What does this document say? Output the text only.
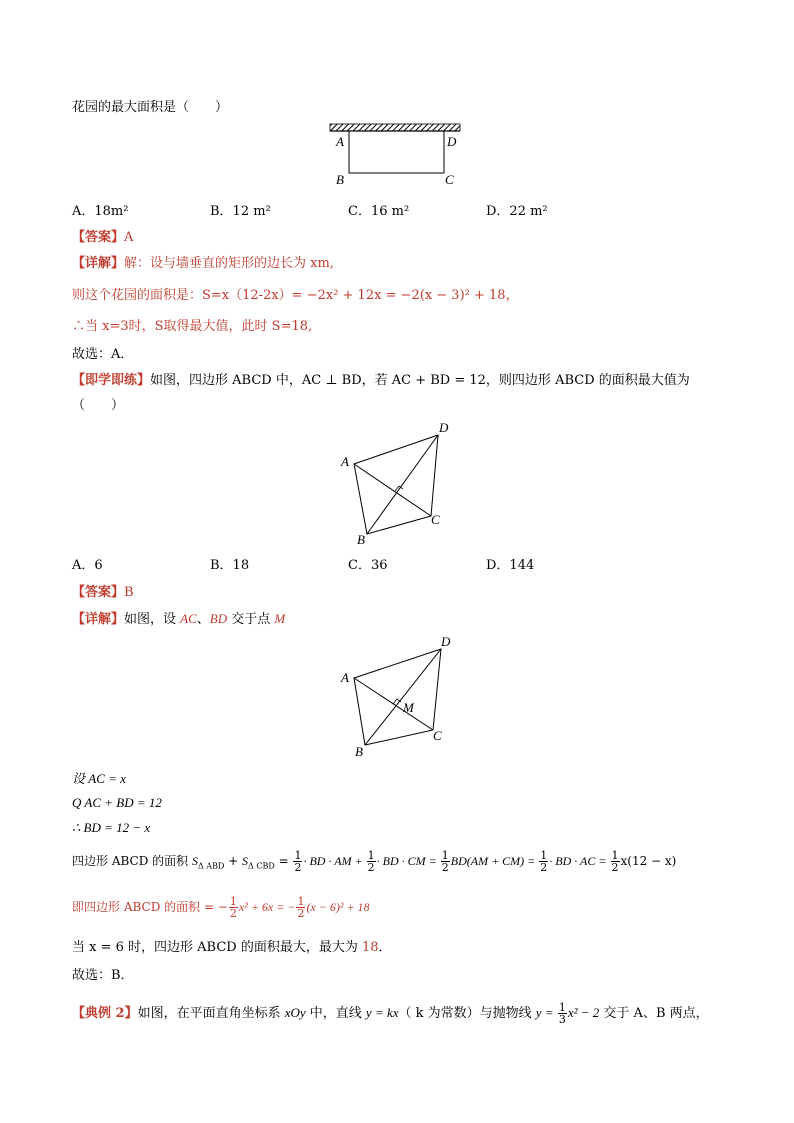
花园的最大面积是（　　）
A	D
B	C
A．18m²	B．12 m²	C．16 m²	D．22 m²
【答案】A
【详解】解：设与墙垂直的矩形的边长为 xm,
则这个花园的面积是：S=x（12-2x）= −2x² + 12x = −2(x − 3)² + 18，
∴当 x=3时，S取得最大值，此时 S=18,
故选：A．
【即学即练】如图，四边形 ABCD 中，AC ⊥ BD，若 AC + BD = 12，则四边形 ABCD 的面积最大值为
（　　）
A
D
C
B
A．6	B．18	C．36	D．144
【答案】B
【详解】如图，设 AC、BD 交于点 M
A
D
M
C
B
设 AC = x
Q AC + BD = 12
∴ BD = 12 − x
四边形 ABCD 的面积 $S_{\Delta ABD} + S_{\Delta CBD} = \frac{1}{2}$ · BD · AM + $\frac{1}{2}$ · BD · CM = $\frac{1}{2} BD(AM + CM) = \frac{1}{2}$ · BD · AC = $\frac{1}{2} x(12 - x)$
即四边形 ABCD 的面积 = − $\frac{1}{2} x^2 + 6x$ = − $\frac{1}{2} (x - 6)^2 + 18$
当 x = 6 时，四边形 ABCD 的面积最大，最大为 18．
故选：B．
【典例 2】如图，在平面直角坐标系 xOy 中，直线 y = kx（ k 为常数）与抛物线 $y = \frac{1}{3} x^2 - 2$ 交于 A、B 两点，
